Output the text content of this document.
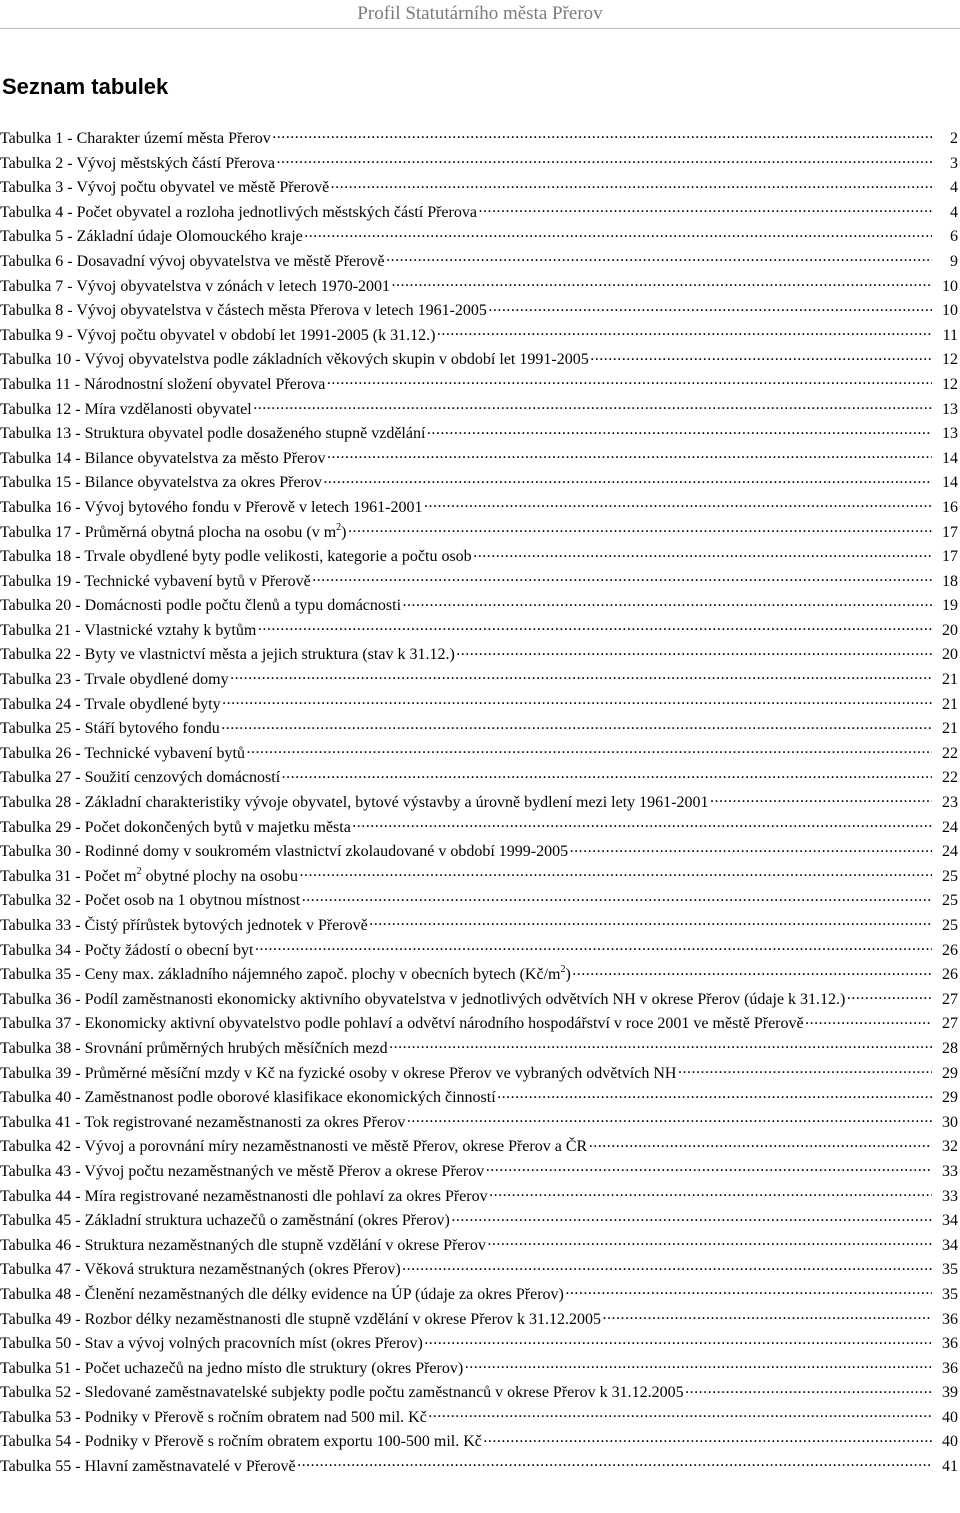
Profil Statutárního města Přerov
Seznam tabulek
Tabulka 1 - Charakter území města Přerov .....	2
Tabulka 2 - Vývoj městských částí Přerova .....	3
Tabulka 3 - Vývoj počtu obyvatel ve městě Přerově .....	4
Tabulka 4 - Počet obyvatel a rozloha jednotlivých městských částí Přerova .....	4
Tabulka 5 - Základní údaje Olomouckého kraje .....	6
Tabulka 6 - Dosavadní vývoj obyvatelstva ve městě Přerově .....	9
Tabulka 7 - Vývoj obyvatelstva v zónách v letech 1970-2001 .....	10
Tabulka 8 - Vývoj obyvatelstva v částech města Přerova v letech 1961-2005 .....	10
Tabulka 9 - Vývoj počtu obyvatel v období let 1991-2005 (k 31.12.) .....	11
Tabulka 10 - Vývoj obyvatelstva podle základních věkových skupin v období let 1991-2005 .....	12
Tabulka 11 - Národnostní složení obyvatel Přerova .....	12
Tabulka 12 - Míra vzdělanosti obyvatel .....	13
Tabulka 13 - Struktura obyvatel podle dosaženého stupně vzdělání .....	13
Tabulka 14 - Bilance obyvatelstva za město Přerov .....	14
Tabulka 15 - Bilance obyvatelstva za okres Přerov .....	14
Tabulka 16 - Vývoj bytového fondu v Přerově v letech 1961-2001 .....	16
Tabulka 17 - Průměrná obytná plocha na osobu (v $m^2$) .....	17
Tabulka 18 - Trvale obydlené byty podle velikosti, kategorie a počtu osob .....	17
Tabulka 19 - Technické vybavení bytů v Přerově .....	18
Tabulka 20 - Domácnosti podle počtu členů a typu domácnosti .....	19
Tabulka 21 - Vlastnické vztahy k bytům .....	20
Tabulka 22 - Byty ve vlastnictví města a jejich struktura (stav k 31.12.) .....	20
Tabulka 23 - Trvale obydlené domy .....	21
Tabulka 24 - Trvale obydlené byty .....	21
Tabulka 25 - Stáří bytového fondu .....	21
Tabulka 26 - Technické vybavení bytů .....	22
Tabulka 27 - Soužití cenzových domácností .....	22
Tabulka 28 - Základní charakteristiky vývoje obyvatel, bytové výstavby a úrovně bydlení mezi lety 1961-2001 .....	23
Tabulka 29 - Počet dokončených bytů v majetku města .....	24
Tabulka 30 - Rodinné domy v soukromém vlastnictví zkolaudované v období 1999-2005 .....	24
Tabulka 31 - Počet $m^2$ obytné plochy na osobu .....	25
Tabulka 32 - Počet osob na 1 obytnou místnost .....	25
Tabulka 33 - Čistý přírůstek bytových jednotek v Přerově .....	25
Tabulka 34 - Počty žádostí o obecní byt .....	26
Tabulka 35 - Ceny max. základního nájemného započ. plochy v obecních bytech $(Kč/m^2)$ .....	26
Tabulka 36 - Podíl zaměstnanosti ekonomicky aktivního obyvatelstva v jednotlivých odvětvích NH v okrese Přerov (údaje k 31.12.) .....	27
Tabulka 37 - Ekonomicky aktivní obyvatelstvo podle pohlaví a odvětví národního hospodářství v roce 2001 ve městě Přerově .....	27
Tabulka 38 - Srovnání průměrných hrubých měsíčních mezd .....	28
Tabulka 39 - Průměrné měsíční mzdy v Kč na fyzické osoby v okrese Přerov ve vybraných odvětvích NH .....	29
Tabulka 40 - Zaměstnanost podle oborové klasifikace ekonomických činností .....	29
Tabulka 41 - Tok registrované nezaměstnanosti za okres Přerov .....	30
Tabulka 42 - Vývoj a porovnání míry nezaměstnanosti ve městě Přerov, okrese Přerov a ČR .....	32
Tabulka 43 - Vývoj počtu nezaměstnaných ve městě Přerov a okrese Přerov .....	33
Tabulka 44 - Míra registrované nezaměstnanosti dle pohlaví za okres Přerov .....	33
Tabulka 45 - Základní struktura uchazečů o zaměstnání (okres Přerov) .....	34
Tabulka 46 - Struktura nezaměstnaných dle stupně vzdělání v okrese Přerov .....	34
Tabulka 47 - Věková struktura nezaměstnaných (okres Přerov) .....	35
Tabulka 48 - Členění nezaměstnaných dle délky evidence na ÚP (údaje za okres Přerov) .....	35
Tabulka 49 - Rozbor délky nezaměstnanosti dle stupně vzdělání v okrese Přerov k 31.12.2005 .....	36
Tabulka 50 - Stav a vývoj volných pracovních míst (okres Přerov) .....	36
Tabulka 51 - Počet uchazečů na jedno místo dle struktury (okres Přerov) .....	36
Tabulka 52 - Sledované zaměstnavatelské subjekty podle počtu zaměstnanců v okrese Přerov k 31.12.2005 .....	39
Tabulka 53 - Podniky v Přerově s ročním obratem nad 500 mil. Kč .....	40
Tabulka 54 - Podniky v Přerově s ročním obratem exportu 100-500 mil. Kč .....	40
Tabulka 55 - Hlavní zaměstnavatelé v Přerově .....	41
